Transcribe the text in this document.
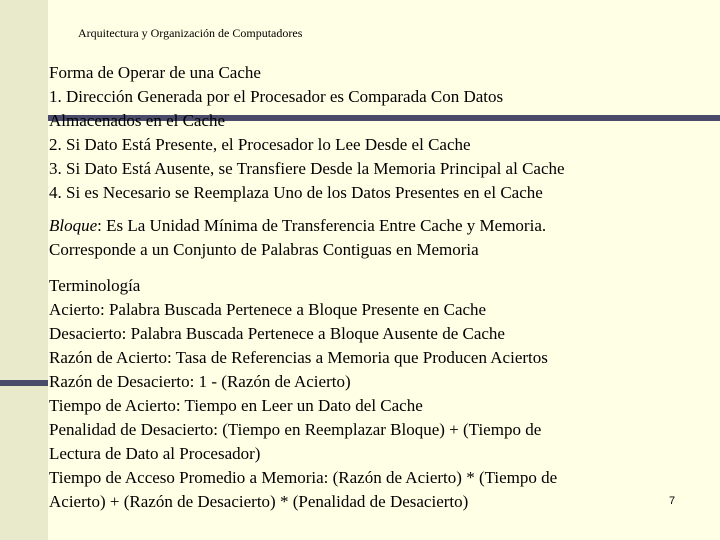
Arquitectura y Organización de Computadores
Forma de Operar de una Cache
1. Dirección Generada por el Procesador es Comparada Con Datos
Almacenados en el Cache
2. Si Dato Está Presente, el Procesador lo Lee Desde el Cache
3. Si Dato Está Ausente, se Transfiere Desde la Memoria Principal al Cache
4. Si es Necesario se Reemplaza Uno de los Datos Presentes en el Cache
Bloque: Es La Unidad Mínima de Transferencia Entre Cache y Memoria.
Corresponde a un Conjunto de Palabras Contiguas en Memoria
Terminología
Acierto: Palabra Buscada Pertenece a Bloque Presente en Cache
Desacierto: Palabra Buscada Pertenece a Bloque Ausente de Cache
Razón de Acierto: Tasa de Referencias a Memoria que Producen Aciertos
Razón de Desacierto: 1 - (Razón de Acierto)
Tiempo de Acierto: Tiempo en Leer un Dato del Cache
Penalidad de Desacierto: (Tiempo en Reemplazar Bloque) + (Tiempo de
Lectura de Dato al Procesador)
Tiempo de Acceso Promedio a Memoria: (Razón de Acierto) * (Tiempo de
Acierto) + (Razón de Desacierto) * (Penalidad de Desacierto)	7
